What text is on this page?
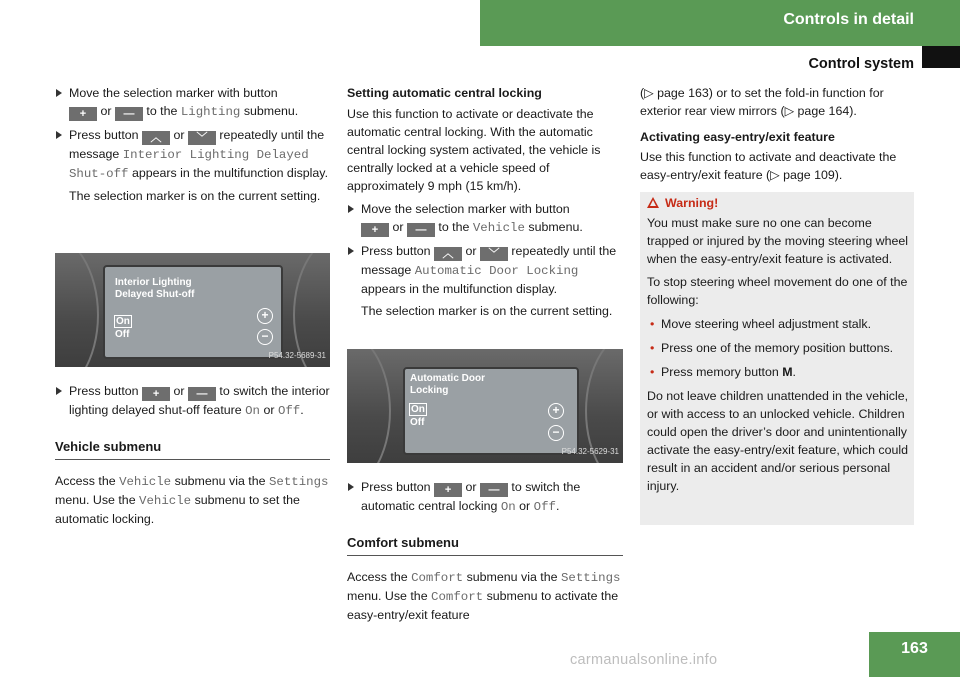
Controls in detail
Control system

Move the selection marker with button
+ or — to the Lighting submenu.

Press button ︿ or ﹀ repeatedly until the message Interior Lighting Delayed Shut-off appears in the multifunction display.

The selection marker is on the current setting.

Interior Lighting
Delayed Shut-off
On
Off
+
−
P54.32-5689-31

Press button + or — to switch the interior lighting delayed shut-off feature On or Off.

Vehicle submenu

Access the Vehicle submenu via the Settings menu. Use the Vehicle submenu to set the automatic locking.

Setting automatic central locking

Use this function to activate or deactivate the automatic central locking. With the automatic central locking system activated, the vehicle is centrally locked at a vehicle speed of approximately 9 mph (15 km/h).

Move the selection marker with button
+ or — to the Vehicle submenu.

Press button ︿ or ﹀ repeatedly until the message Automatic Door Locking appears in the multifunction display.

The selection marker is on the current setting.

Automatic Door
Locking
On
Off
+
−
P54.32-5629-31

Press button + or — to switch the automatic central locking On or Off.

Comfort submenu

Access the Comfort submenu via the Settings menu. Use the Comfort submenu to activate the easy-entry/exit feature

(▷ page 163) or to set the fold-in function for exterior rear view mirrors (▷ page 164).

Activating easy-entry/exit feature

Use this function to activate and deactivate the easy-entry/exit feature (▷ page 109).

Warning!

You must make sure no one can become trapped or injured by the moving steering wheel when the easy-entry/exit feature is activated.

To stop steering wheel movement do one of the following:

• Move steering wheel adjustment stalk.

• Press one of the memory position buttons.

• Press memory button M.

Do not leave children unattended in the vehicle, or with access to an unlocked vehicle. Children could open the driver’s door and unintentionally activate the easy-entry/exit feature, which could result in an accident and/or serious personal injury.

163
carmanualsonline.info
